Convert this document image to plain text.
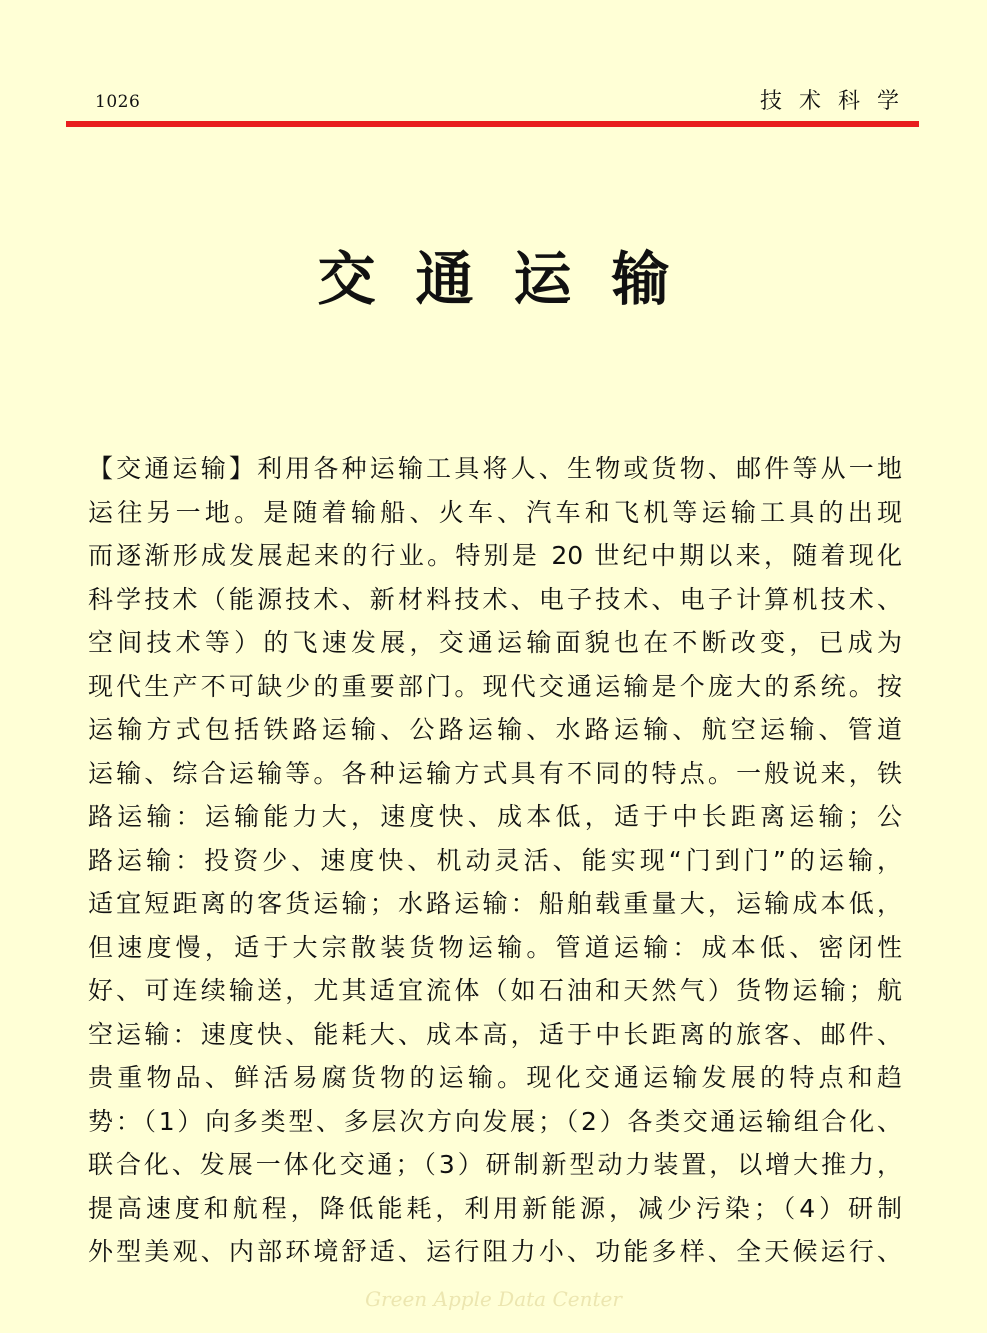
1026	技术科学
交通运输
【交通运输】利用各种运输工具将人、生物或货物、邮件等从一地
运往另一地。是随着输船、火车、汽车和飞机等运输工具的出现
而逐渐形成发展起来的行业。特别是 20 世纪中期以来，随着现化
科学技术（能源技术、新材料技术、电子技术、电子计算机技术、
空间技术等）的飞速发展，交通运输面貌也在不断改变，已成为
现代生产不可缺少的重要部门。现代交通运输是个庞大的系统。按
运输方式包括铁路运输、公路运输、水路运输、航空运输、管道
运输、综合运输等。各种运输方式具有不同的特点。一般说来，铁
路运输：运输能力大，速度快、成本低，适于中长距离运输；公
路运输：投资少、速度快、机动灵活、能实现“门到门”的运输，
适宜短距离的客货运输；水路运输：船舶载重量大，运输成本低，
但速度慢，适于大宗散装货物运输。管道运输：成本低、密闭性
好、可连续输送，尤其适宜流体（如石油和天然气）货物运输；航
空运输：速度快、能耗大、成本高，适于中长距离的旅客、邮件、
贵重物品、鲜活易腐货物的运输。现化交通运输发展的特点和趋
势：（1）向多类型、多层次方向发展；（2）各类交通运输组合化、
联合化、发展一体化交通；（3）研制新型动力装置，以增大推力，
提高速度和航程，降低能耗，利用新能源，减少污染；（4）研制
外型美观、内部环境舒适、运行阻力小、功能多样、全天候运行、
Green Apple Data Center
